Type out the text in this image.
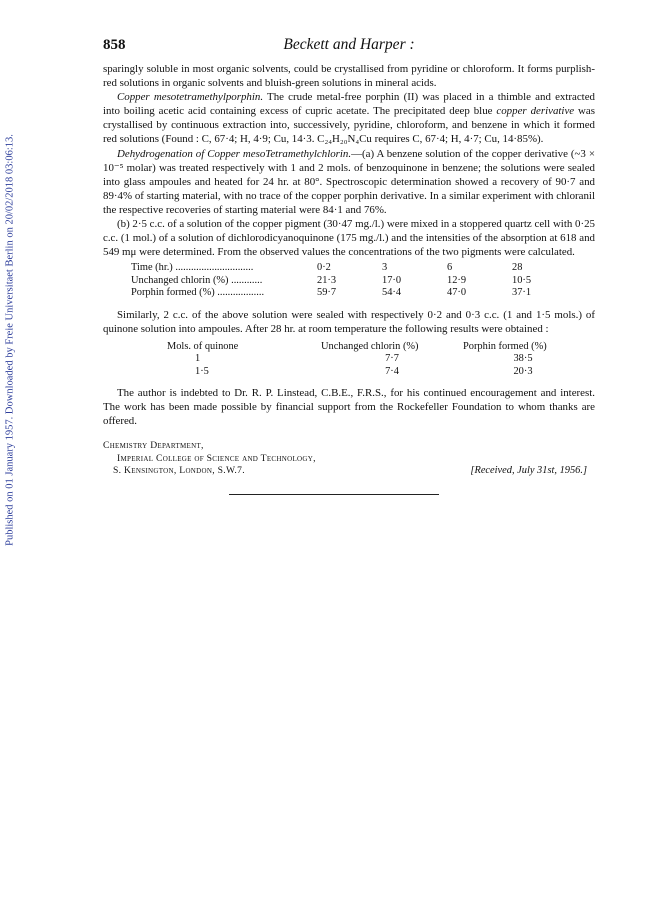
Published on 01 January 1957. Downloaded by Freie Universitaet Berlin on 20/02/2018 03:06:13.
858	Beckett and Harper :

sparingly soluble in most organic solvents, could be crystallised from pyridine or chloroform. It forms purplish-red solutions in organic solvents and bluish-green solutions in mineral acids.

Copper mesotetramethylporphin. The crude metal-free porphin (II) was placed in a thimble and extracted into boiling acetic acid containing excess of cupric acetate. The precipitated deep blue copper derivative was crystallised by continuous extraction into, successively, pyridine, chloroform, and benzene in which it formed red solutions (Found : C, 67·4; H, 4·9; Cu, 14·3. C₂₄H₂₀N₄Cu requires C, 67·4; H, 4·7; Cu, 14·85%).

Dehydrogenation of Copper mesoTetramethylchlorin.—(a) A benzene solution of the copper derivative (~3 × 10⁻⁵ molar) was treated respectively with 1 and 2 mols. of benzoquinone in benzene; the solutions were sealed into glass ampoules and heated for 24 hr. at 80°. Spectroscopic determination showed a recovery of 90·7 and 89·4% of starting material, with no trace of the copper porphin derivative. In a similar experiment with chloranil the respective recoveries of starting material were 84·1 and 76%.

(b) 2·5 c.c. of a solution of the copper pigment (30·47 mg./l.) were mixed in a stoppered quartz cell with 0·25 c.c. (1 mol.) of a solution of dichlorodicyanoquinone (175 mg./l.) and the intensities of the absorption at 618 and 549 mμ were determined. From the observed values the concentrations of the two pigments were calculated.

Time (hr.) ..............................	0·2	3	6	28
Unchanged chlorin (%) ............	21·3	17·0	12·9	10·5
Porphin formed (%) ..................	59·7	54·4	47·0	37·1

Similarly, 2 c.c. of the above solution were sealed with respectively 0·2 and 0·3 c.c. (1 and 1·5 mols.) of quinone solution into ampoules. After 28 hr. at room temperature the following results were obtained :

Mols. of quinone	Unchanged chlorin (%)	Porphin formed (%)
1	7·7	38·5
1·5	7·4	20·3

The author is indebted to Dr. R. P. Linstead, C.B.E., F.R.S., for his continued encouragement and interest. The work has been made possible by financial support from the Rockefeller Foundation to whom thanks are offered.

Chemistry Department,
Imperial College of Science and Technology,
S. Kensington, London, S.W.7.	[Received, July 31st, 1956.]
